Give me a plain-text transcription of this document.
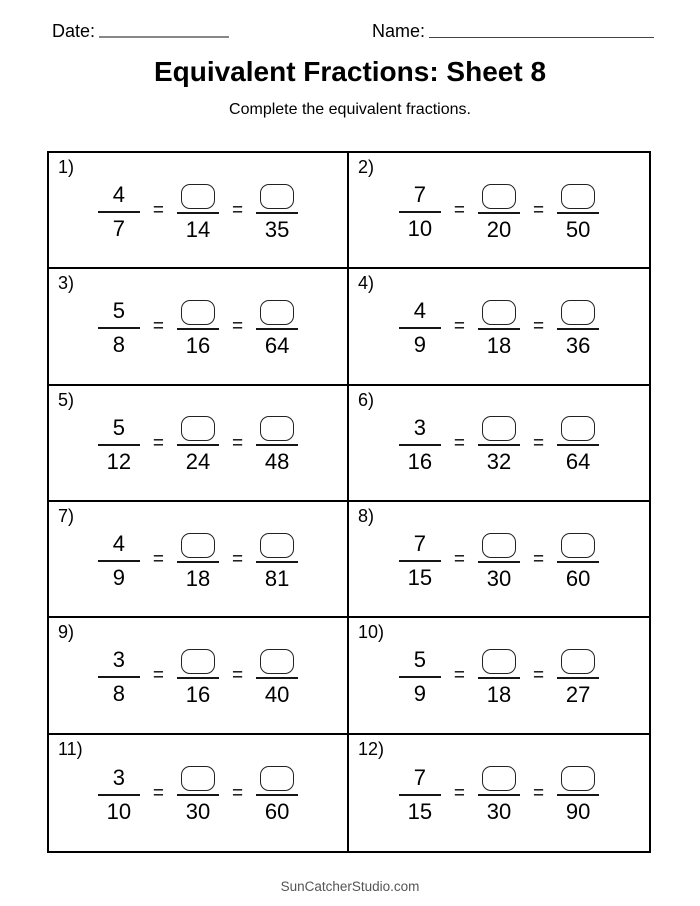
Date:	Name:
Equivalent Fractions: Sheet 8
Complete the equivalent fractions.
1)
$\frac{4}{7}$ =
14
=
35
2)
$\frac{7}{10}$ =
20
=
50
3)
$\frac{5}{8}$ =
16
=
64
4)
$\frac{4}{9}$ =
18
=
36
5)
$\frac{5}{12}$ =
24
=
48
6)
$\frac{3}{16}$ =
32
=
64
7)
$\frac{4}{9}$ =
18
=
81
8)
$\frac{7}{15}$ =
30
=
60
9)
$\frac{3}{8}$ =
16
=
40
10)
$\frac{5}{9}$ =
18
=
27
11)
$\frac{3}{10}$ =
30
=
60
12)
$\frac{7}{15}$ =
30
=
90
SunCatcherStudio.com
